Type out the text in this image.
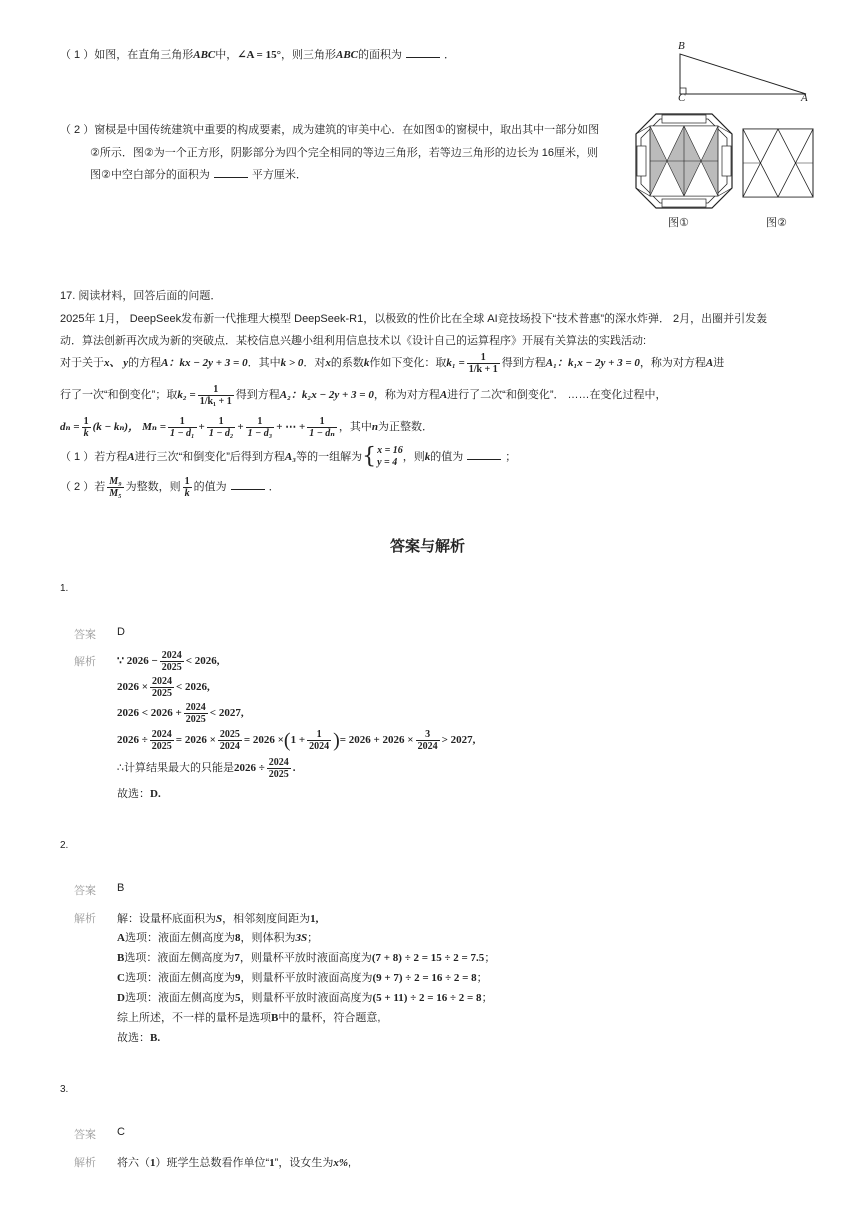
（ 1 ）如图，在直角三角形ABC中，∠A = 15°，则三角形ABC的面积为	．
B
C	A
（ 2 ）窗棂是中国传统建筑中重要的构成要素，成为建筑的审美中心．在如图①的窗棂中，取出其中一部分如图
②所示．图②为一个正方形，阴影部分为四个完全相同的等边三角形，若等边三角形的边长为 16厘米，则
图②中空白部分的面积为	平方厘米．
图①	图②
17. 阅读材料，回答后面的问题．
2025年 1月， DeepSeek发布新一代推理大模型 DeepSeek-R1，以极致的性价比在全球 AI竞技场投下“技术普惠”的深水炸弹． 2月，出圈并引发轰
动．算法创新再次成为新的突破点．某校信息兴趣小组利用信息技术以《设计自己的运算程序》开展有关算法的实践活动:
对于关于x、 y的方程A：kx − 2y + 3 = 0．其中k > 0．对x的系数k作如下变化：取$k_1 = \frac{1}{1/k + 1}$ 得到方程A₁：k₁x − 2y + 3 = 0，称为对方程A进
行了一次“和倒变化”；取$k_2 = \frac{1}{\text{1/k₁ + 1}}$ 得到方程A₂：k₂x − 2y + 3 = 0，称为对方程A进行了二次“和倒变化”． ……在变化过程中，
$d_n = \frac{1}{k} (k - k_n)$， $M_n = \frac{1}{\text{1 − d₁}} + \frac{1}{\text{1 − d₂}} + \frac{1}{\text{1 − d₃}}$ + ⋯ + $\frac{1}{\text{1 − dₙ}}$ ，其中n为正整数．
（ 1 ）若方程A进行三次“和倒变化”后得到方程A₃等的一组解为{ x = 16
y = 4 ，则k的值为	；
（ 2 ）若 $\frac{\text{M₉}}{\text{M₅}}$ 为整数，则 $\frac{1}{k}$ 的值为	．
答案与解析
1.
答案 D
解析 ∵ $2026 - \frac{2024}{2025} < 2026$,
$2026 \times \frac{2024}{2025} < 2026$,
$2026 < 2026 + \frac{2024}{2025} < 2027$,
$2026 \div \frac{2024}{2025} = 2026 \times \frac{2025}{2024} = 2026 \times(1 + \frac{1}{2024}$ )= $2026 + 2026 \times \frac{3}{2024} > 2027$,
∴计算结果最大的只能是$2026 \div \frac{2024}{2025}$ .
故选：D.
2.
答案 B
解析 解：设量杯底面积为S，相邻刻度间距为1,
A选项：液面左侧高度为8，则体积为3S；
B选项：液面左侧高度为7，则量杯平放时液面高度为(7 + 8) ÷ 2 = 15 ÷ 2 = 7.5；
C选项：液面左侧高度为9，则量杯平放时液面高度为(9 + 7) ÷ 2 = 16 ÷ 2 = 8；
D选项：液面左侧高度为5，则量杯平放时液面高度为(5 + 11) ÷ 2 = 16 ÷ 2 = 8；
综上所述，不一样的量杯是选项B中的量杯，符合题意,
故选：B.
3.
答案 C
解析 将六（1）班学生总数看作单位“1”，设女生为x%,
